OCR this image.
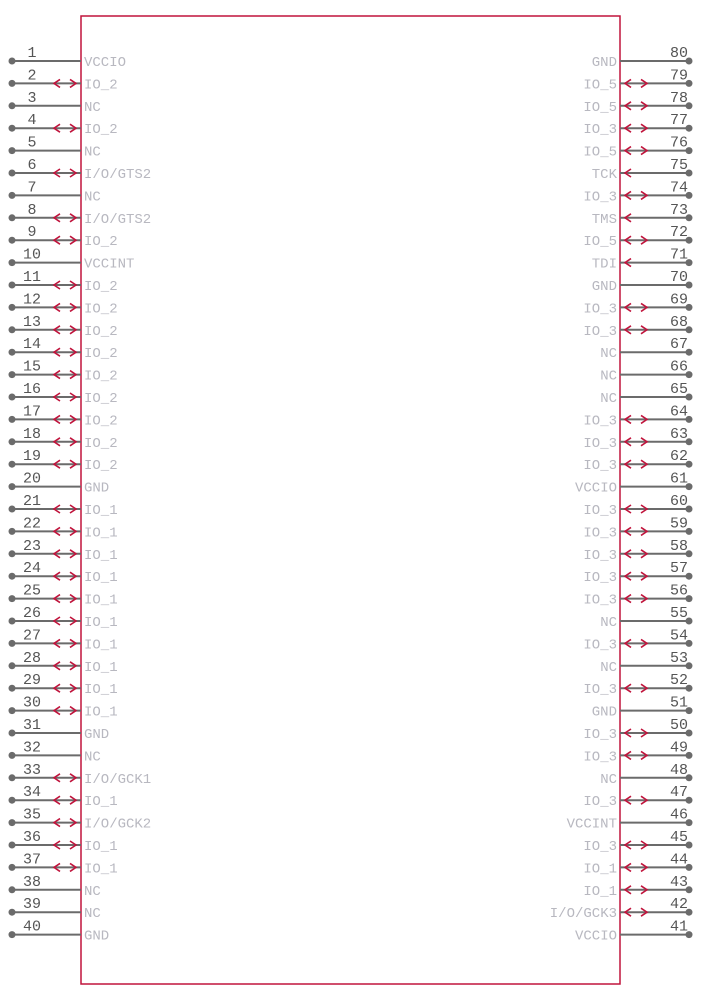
1
VCCIO
2
IO_2
3
NC
4
IO_2
5
NC
6
I/O/GTS2
7
NC
8
I/O/GTS2
9
IO_2
10
VCCINT
11
IO_2
12
IO_2
13
IO_2
14
IO_2
15
IO_2
16
IO_2
17
IO_2
18
IO_2
19
IO_2
20
GND
21
IO_1
22
IO_1
23
IO_1
24
IO_1
25
IO_1
26
IO_1
27
IO_1
28
IO_1
29
IO_1
30
IO_1
31
GND
32
NC
33
I/O/GCK1
34
IO_1
35
I/O/GCK2
36
IO_1
37
IO_1
38
NC
39
NC
40
GND
80
GND
79
IO_5
78
IO_5
77
IO_3
76
IO_5
75
TCK
74
IO_3
73
TMS
72
IO_5
71
TDI
70
GND
69
IO_3
68
IO_3
67
NC
66
NC
65
NC
64
IO_3
63
IO_3
62
IO_3
61
VCCIO
60
IO_3
59
IO_3
58
IO_3
57
IO_3
56
IO_3
55
NC
54
IO_3
53
NC
52
IO_3
51
GND
50
IO_3
49
IO_3
48
NC
47
IO_3
46
VCCINT
45
IO_3
44
IO_1
43
IO_1
42
I/O/GCK3
41
VCCIO
